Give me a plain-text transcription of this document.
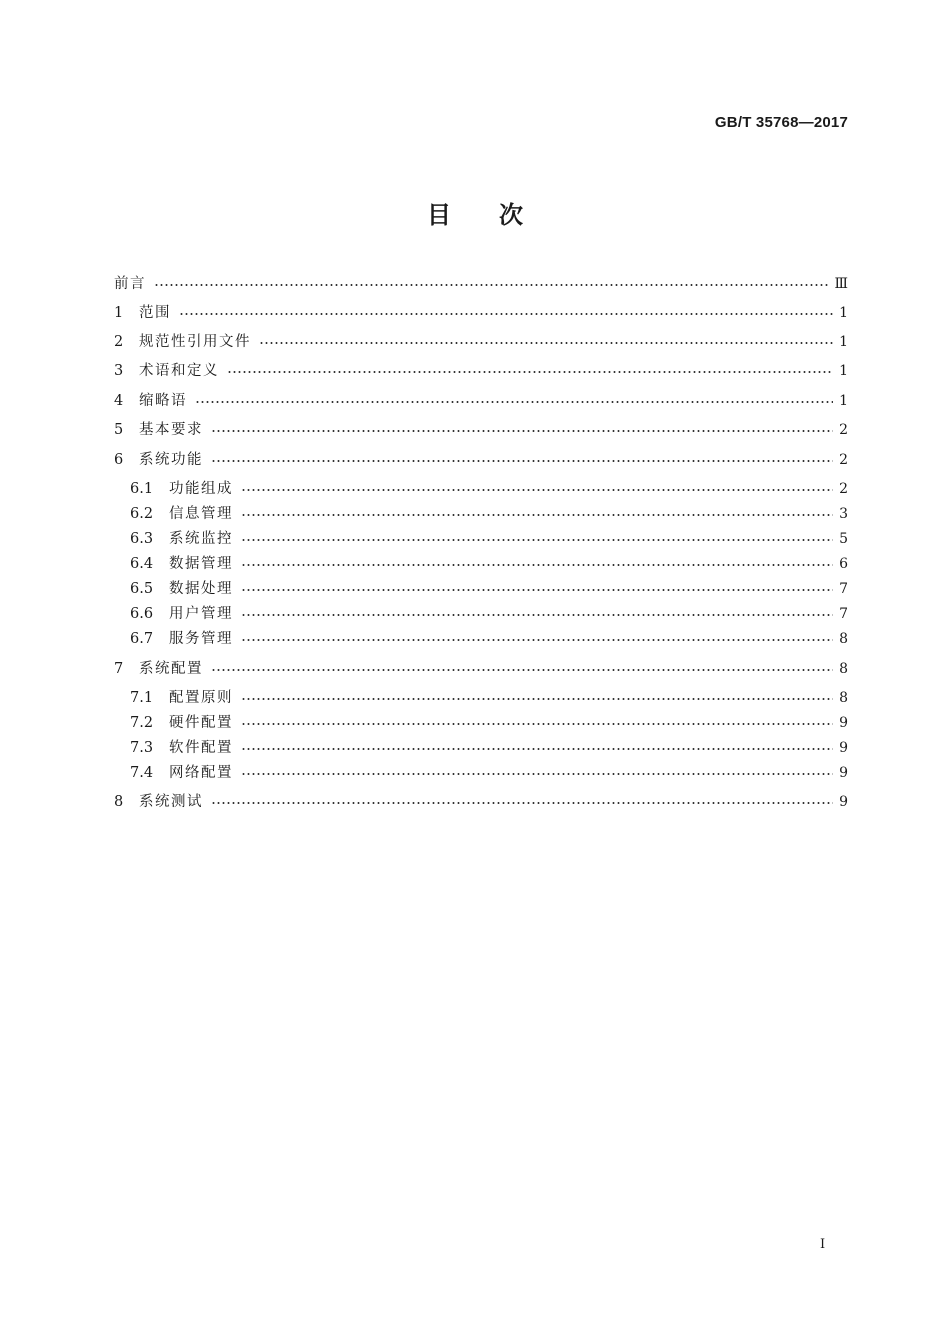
GB/T 35768—2017
目　　次
前言	Ⅲ
1	范围	1
2	规范性引用文件	1
3	术语和定义	1
4	缩略语	1
5	基本要求	2
6	系统功能	2
6.1	功能组成	2
6.2	信息管理	3
6.3	系统监控	5
6.4	数据管理	6
6.5	数据处理	7
6.6	用户管理	7
6.7	服务管理	8
7	系统配置	8
7.1	配置原则	8
7.2	硬件配置	9
7.3	软件配置	9
7.4	网络配置	9
8	系统测试	9
I
